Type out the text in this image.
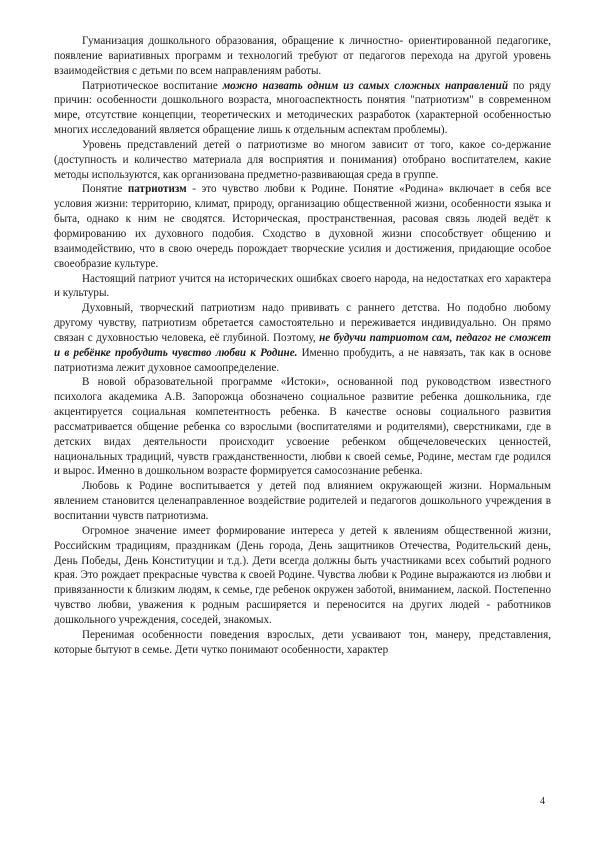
Гуманизация дошкольного образования, обращение к личностно- ориентированной педагогике, появление вариативных программ и технологий требуют от педагогов перехода на другой уровень взаимодействия с детьми по всем направлениям работы.

Патриотическое воспитание можно назвать одним из самых сложных направлений по ряду причин: особенности дошкольного возраста, многоаспектность понятия "патриотизм" в современном мире, отсутствие концепции, теоретических и методических разработок (характерной особенностью многих исследований является обращение лишь к отдельным аспектам проблемы).

Уровень представлений детей о патриотизме во многом зависит от того, какое со-держание (доступность и количество материала для восприятия и понимания) отобрано воспитателем, какие методы используются, как организована предметно-развивающая среда в группе.

Понятие патриотизм - это чувство любви к Родине. Понятие «Родина» включает в себя все условия жизни: территорию, климат, природу, организацию общественной жизни, особенности языка и быта, однако к ним не сводятся. Историческая, пространственная, расовая связь людей ведёт к формированию их духовного подобия. Сходство в духовной жизни способствует общению и взаимодействию, что в свою очередь порождает творческие усилия и достижения, придающие особое своеобразие культуре.

Настоящий патриот учится на исторических ошибках своего народа, на недостатках его характера и культуры.

Духовный, творческий патриотизм надо прививать с раннего детства. Но подобно любому другому чувству, патриотизм обретается самостоятельно и переживается индивидуально. Он прямо связан с духовностью человека, её глубиной. Поэтому, не будучи патриотом сам, педагог не сможет и в ребёнке пробудить чувство любви к Родине. Именно пробудить, а не навязать, так как в основе патриотизма лежит духовное самоопределение.

В новой образовательной программе «Истоки», основанной под руководством известного психолога академика А.В. Запорожца обозначено социальное развитие ребенка дошкольника, где акцентируется социальная компетентность ребенка. В качестве основы социального развития рассматривается общение ребенка со взрослыми (воспитателями и родителями), сверстниками, где в детских видах деятельности происходит усвоение ребенком общечеловеческих ценностей, национальных традиций, чувств гражданственности, любви к своей семье, Родине, местам где родился и вырос. Именно в дошкольном возрасте формируется самосознание ребенка.

Любовь к Родине воспитывается у детей под влиянием окружающей жизни. Нормальным явлением становится целенаправленное воздействие родителей и педагогов дошкольного учреждения в воспитании чувств патриотизма.

Огромное значение имеет формирование интереса у детей к явлениям общественной жизни, Российским традициям, праздникам (День города, День защитников Отечества, Родительский день, День Победы, День Конституции и т.д.). Дети всегда должны быть участниками всех событий родного края. Это рождает прекрасные чувства к своей Родине. Чувства любви к Родине выражаются из любви и привязанности к близким людям, к семье, где ребенок окружен заботой, вниманием, лаской. Постепенно чувство любви, уважения к родным расширяется и переносится на других людей - работников дошкольного учреждения, соседей, знакомых.

Перенимая особенности поведения взрослых, дети усваивают тон, манеру, представления, которые бытуют в семье. Дети чутко понимают особенности, характер

4
